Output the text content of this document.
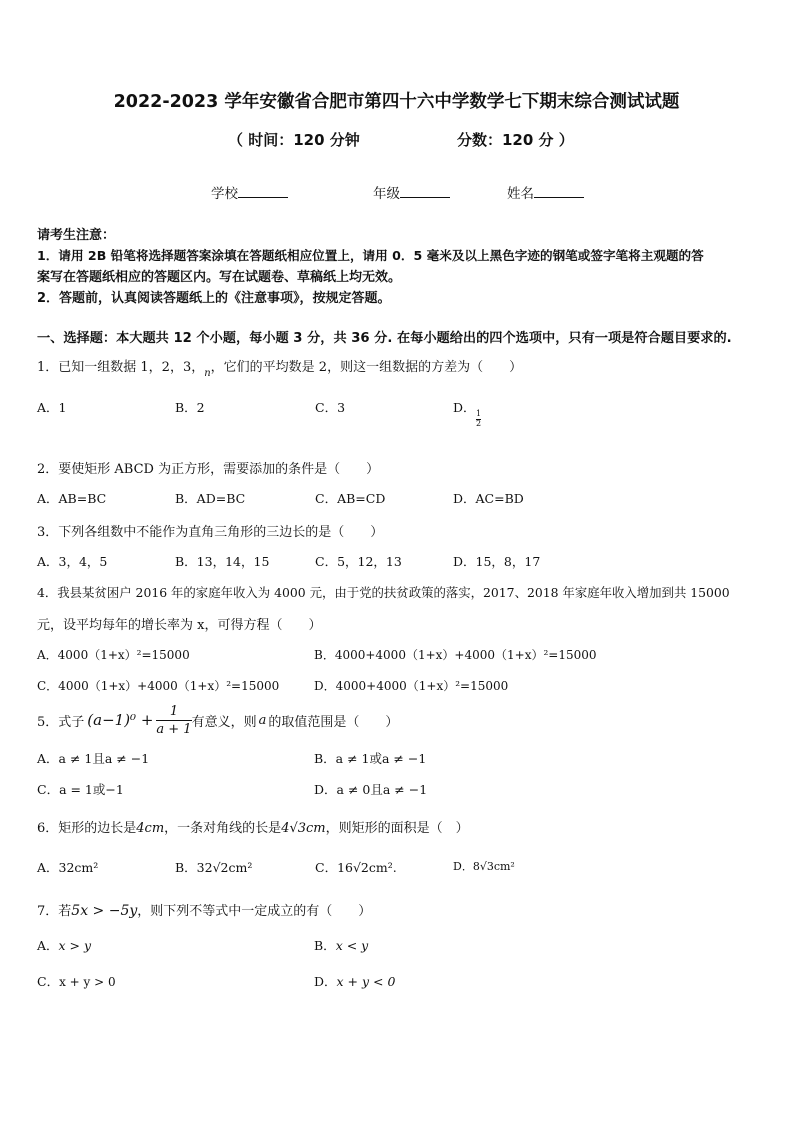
2022-2023 学年安徽省合肥市第四十六中学数学七下期末综合测试试题
（ 时间：120 分钟	分数：120 分 ）
学校	年级	姓名
请考生注意：
1．请用 2B 铅笔将选择题答案涂填在答题纸相应位置上，请用 0．5 毫米及以上黑色字迹的钢笔或签字笔将主观题的答
案写在答题纸相应的答题区内。写在试题卷、草稿纸上均无效。
2．答题前，认真阅读答题纸上的《注意事项》，按规定答题。
一、选择题：本大题共 12 个小题，每小题 3 分，共 36 分. 在每小题给出的四个选项中，只有一项是符合题目要求的.
1．已知一组数据 1，2，3，$_n$，它们的平均数是 2，则这一组数据的方差为（　　）
A．1	B．2	C．3	D．
$\frac{1}{2}$
2．要使矩形 ABCD 为正方形，需要添加的条件是（　　）
A．AB=BC	B．AD=BC	C．AB=CD	D．AC=BD
3．下列各组数中不能作为直角三角形的三边长的是（　　）
A．3，4，5	B．13，14，15	C．5，12，13	D．15，8，17
4．我县某贫困户 2016 年的家庭年收入为 4000 元，由于党的扶贫政策的落实，2017、2018 年家庭年收入增加到共 15000
元，设平均每年的增长率为 x，可得方程（　　）
A．4000（1+x）²=15000	B．4000+4000（1+x）+4000（1+x）²=15000
C．4000（1+x）+4000（1+x）²=15000	D．4000+4000（1+x）²=15000
5．式子 $(a-1)^0 + \frac{1}{a + 1}$ 有意义，则 a 的取值范围是（　　）
A．a ≠ 1且a ≠ −1	B．a ≠ 1或a ≠ −1
C．a = 1或−1	D．a ≠ 0且a ≠ −1
6．矩形的边长是4cm，一条对角线的长是4√3cm，则矩形的面积是（　）
A．32cm²	B．32√2cm²	C．16√2cm².	D．8√3cm²
7．若5x > −5y，则下列不等式中一定成立的有（　　）
A．x > y	B．x < y
C．x + y > 0	D．x + y < 0
